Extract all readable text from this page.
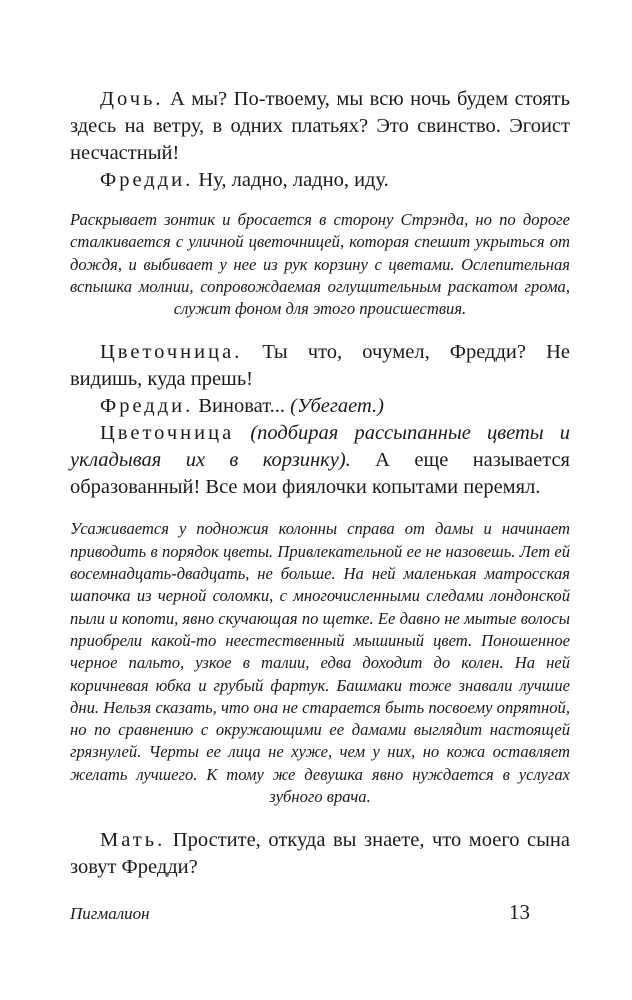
Дочь. А мы? По-твоему, мы всю ночь будем стоять здесь на ветру, в одних платьях? Это свинство. Эгоист несчастный!

Фредди. Ну, ладно, ладно, иду.

Раскрывает зонтик и бросается в сторону Стрэнда, но по дороге сталкивается с уличной цветочницей, которая спешит укрыться от дождя, и выбивает у нее из рук корзину с цветами. Ослепительная вспышка молнии, сопровождаемая оглушительным раскатом грома, служит фоном для этого происшествия.

Цветочница. Ты что, очумел, Фредди? Не видишь, куда прешь!

Фредди. Виноват... (Убегает.)

Цветочница (подбирая рассыпанные цветы и укладывая их в корзинку). А еще называется образованный! Все мои фиялочки копытами перемял.

Усаживается у подножия колонны справа от дамы и начинает приводить в порядок цветы. Привлекательной ее не назовешь. Лет ей восемнадцать-двадцать, не больше. На ней маленькая матросская шапочка из черной соломки, с многочисленными следами лондонской пыли и копоти, явно скучающая по щетке. Ее давно не мытые волосы приобрели какой-то неестественный мышиный цвет. Поношенное черное пальто, узкое в талии, едва доходит до колен. На ней коричневая юбка и грубый фартук. Башмаки тоже знавали лучшие дни. Нельзя сказать, что она не старается быть посвоему опрятной, но по сравнению с окружающими ее дамами выглядит настоящей грязнулей. Черты ее лица не хуже, чем у них, но кожа оставляет желать лучшего. К тому же девушка явно нуждается в услугах зубного врача.

Мать. Простите, откуда вы знаете, что моего сына зовут Фредди?

Пигмалион	13
